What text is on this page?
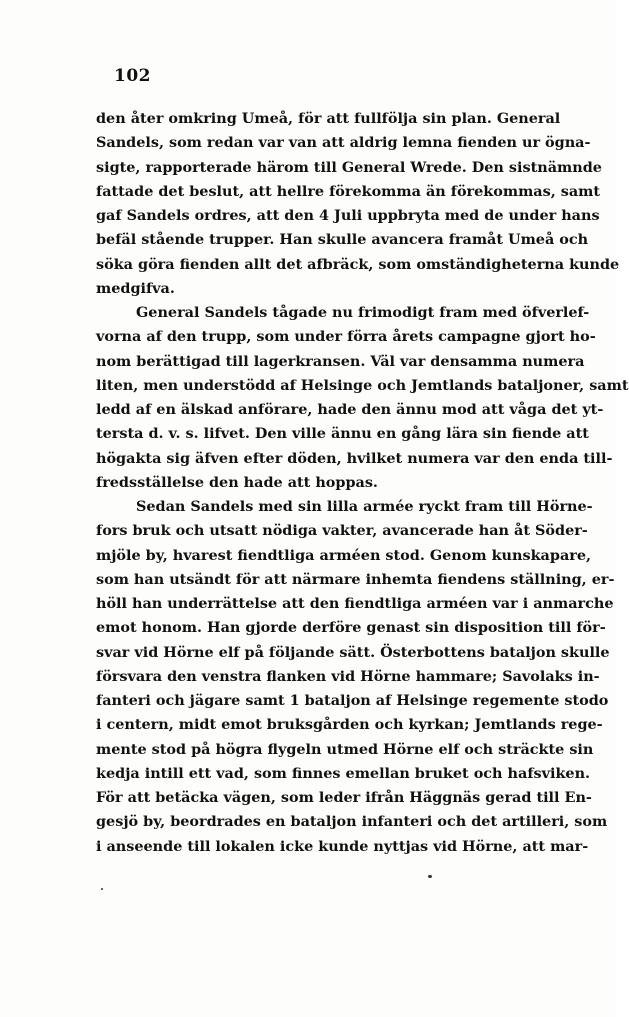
102
den åter omkring Umeå, för att fullfölja sin plan. General
Sandels, som redan var van att aldrig lemna fienden ur ögna-
sigte, rapporterade härom till General Wrede. Den sistnämnde
fattade det beslut, att hellre förekomma än förekommas, samt
gaf Sandels ordres, att den 4 Juli uppbryta med de under hans
befäl stående trupper. Han skulle avancera framåt Umeå och
söka göra fienden allt det afbräck, som omständigheterna kunde
medgifva.
General Sandels tågade nu frimodigt fram med öfverlef-
vorna af den trupp, som under förra årets campagne gjort ho-
nom berättigad till lagerkransen. Väl var densamma numera
liten, men understödd af Helsinge och Jemtlands bataljoner, samt
ledd af en älskad anförare, hade den ännu mod att våga det yt-
tersta d. v. s. lifvet. Den ville ännu en gång lära sin fiende att
högakta sig äfven efter döden, hvilket numera var den enda till-
fredsställelse den hade att hoppas.
Sedan Sandels med sin lilla armée ryckt fram till Hörne-
fors bruk och utsatt nödiga vakter, avancerade han åt Söder-
mjöle by, hvarest fiendtliga arméen stod. Genom kunskapare,
som han utsändt för att närmare inhemta fiendens ställning, er-
höll han underrättelse att den fiendtliga arméen var i anmarche
emot honom. Han gjorde derföre genast sin disposition till för-
svar vid Hörne elf på följande sätt. Österbottens bataljon skulle
försvara den venstra flanken vid Hörne hammare; Savolaks in-
fanteri och jägare samt 1 bataljon af Helsinge regemente stodo
i centern, midt emot bruksgården och kyrkan; Jemtlands rege-
mente stod på högra flygeln utmed Hörne elf och sträckte sin
kedja intill ett vad, som finnes emellan bruket och hafsviken.
För att betäcka vägen, som leder ifrån Häggnäs gerad till En-
gesjö by, beordrades en bataljon infanteri och det artilleri, som
i anseende till lokalen icke kunde nyttjas vid Hörne, att mar-
